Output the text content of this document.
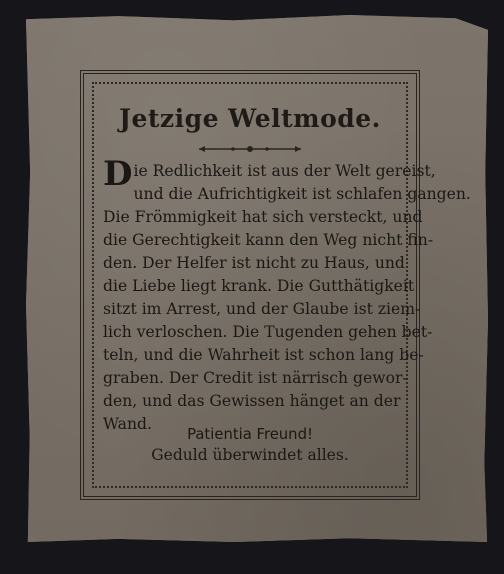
Jetzige Weltmode.
Die Redlichkeit ist aus der Welt gereist,
und die Aufrichtigkeit ist schlafen gangen.
Die Frömmigkeit hat sich versteckt, und
die Gerechtigkeit kann den Weg nicht fin-
den. Der Helfer ist nicht zu Haus, und
die Liebe liegt krank. Die Gutthätigkeit
sitzt im Arrest, und der Glaube ist ziem-
lich verloschen. Die Tugenden gehen bet-
teln, und die Wahrheit ist schon lang be-
graben. Der Credit ist närrisch gewor-
den, und das Gewissen hänget an der
Wand.
Patientia Freund!
Geduld überwindet alles.
